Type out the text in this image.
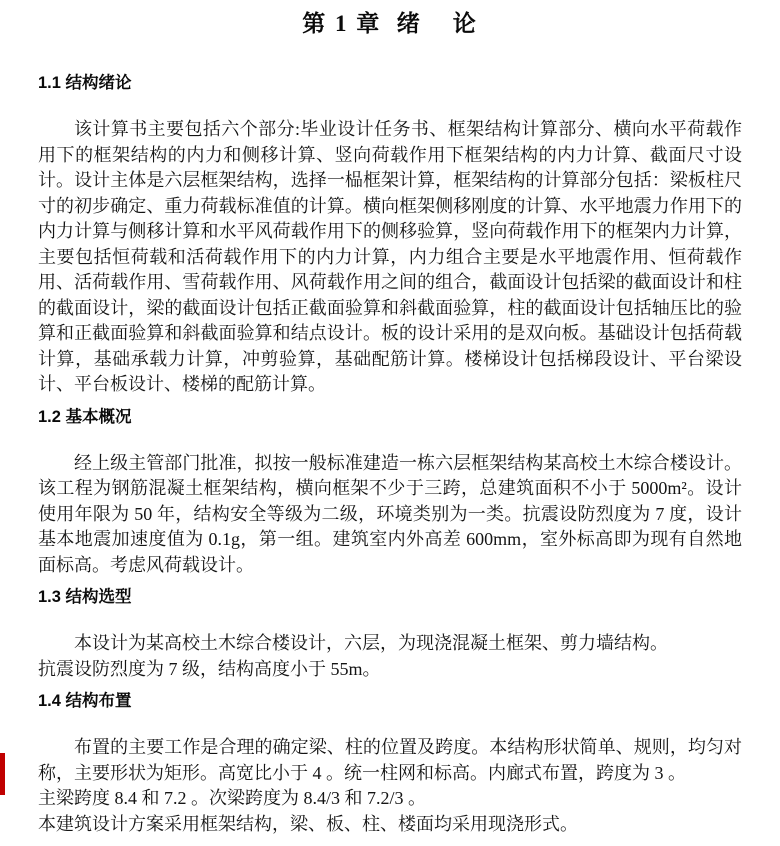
第 1 章  绪    论
1.1 结构绪论

该计算书主要包括六个部分:毕业设计任务书、框架结构计算部分、横向水平荷载作用下的框架结构的内力和侧移计算、竖向荷载作用下框架结构的内力计算、截面尺寸设计。设计主体是六层框架结构，选择一榀框架计算，框架结构的计算部分包括：梁板柱尺寸的初步确定、重力荷载标准值的计算。横向框架侧移刚度的计算、水平地震力作用下的内力计算与侧移计算和水平风荷载作用下的侧移验算，竖向荷载作用下的框架内力计算，主要包括恒荷载和活荷载作用下的内力计算，内力组合主要是水平地震作用、恒荷载作用、活荷载作用、雪荷载作用、风荷载作用之间的组合，截面设计包括梁的截面设计和柱的截面设计，梁的截面设计包括正截面验算和斜截面验算，柱的截面设计包括轴压比的验算和正截面验算和斜截面验算和结点设计。板的设计采用的是双向板。基础设计包括荷载计算，基础承载力计算，冲剪验算，基础配筋计算。楼梯设计包括梯段设计、平台梁设计、平台板设计、楼梯的配筋计算。

1.2 基本概况

经上级主管部门批准，拟按一般标准建造一栋六层框架结构某高校土木综合楼设计。该工程为钢筋混凝土框架结构，横向框架不少于三跨，总建筑面积不小于 5000m²。设计使用年限为 50 年，结构安全等级为二级，环境类别为一类。抗震设防烈度为 7 度，设计基本地震加速度值为 0.1g，第一组。建筑室内外高差 600mm，室外标高即为现有自然地面标高。考虑风荷载设计。

1.3 结构选型

本设计为某高校土木综合楼设计，六层，为现浇混凝土框架、剪力墙结构。

抗震设防烈度为 7 级，结构高度小于 55m。

1.4 结构布置

布置的主要工作是合理的确定梁、柱的位置及跨度。本结构形状简单、规则，均匀对称，主要形状为矩形。高宽比小于 4 。统一柱网和标高。内廊式布置，跨度为 3 。

主梁跨度 8.4 和 7.2 。次梁跨度为 8.4/3 和 7.2/3 。

本建筑设计方案采用框架结构，梁、板、柱、楼面均采用现浇形式。
